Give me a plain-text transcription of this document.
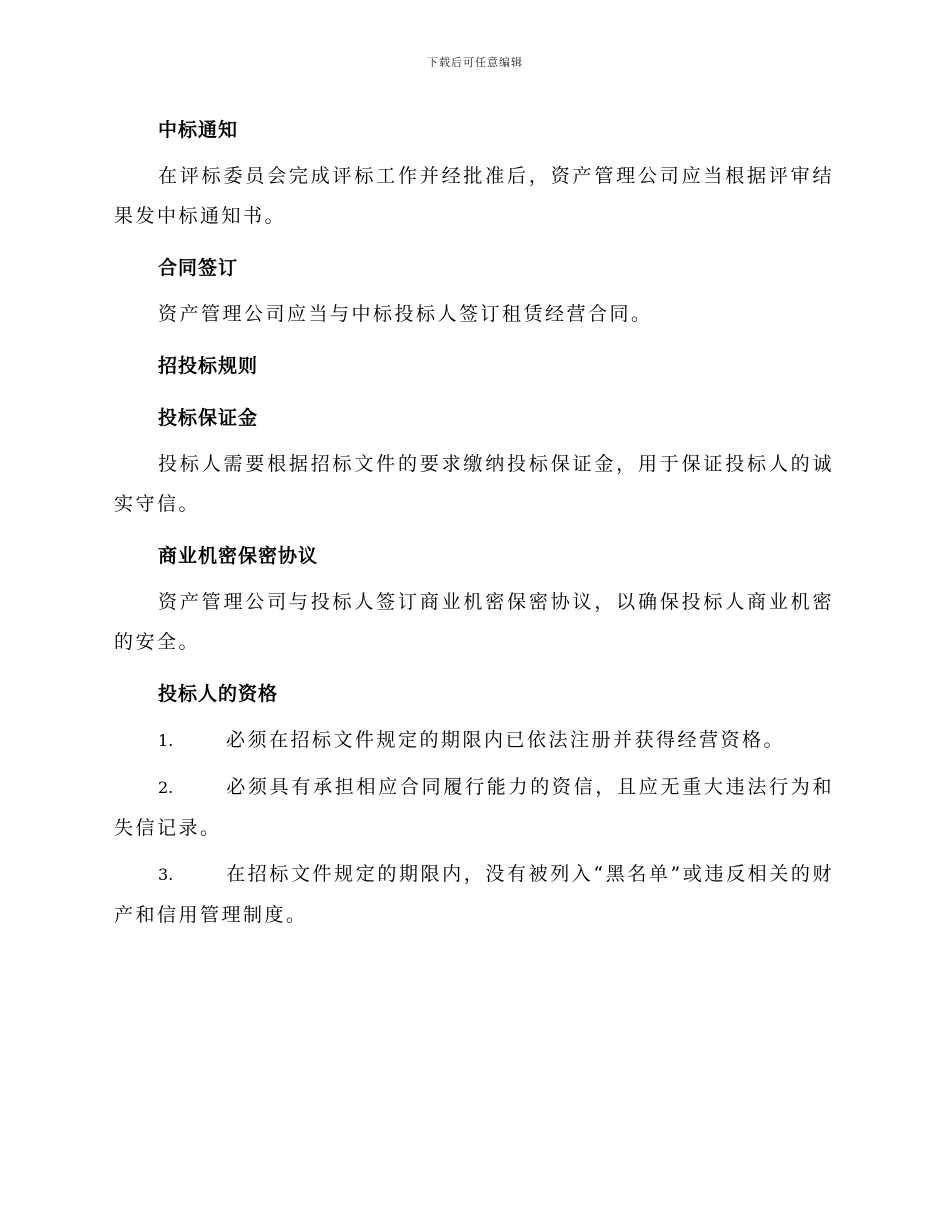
下载后可任意编辑
中标通知

在评标委员会完成评标工作并经批准后，资产管理公司应当根据评审结果发中标通知书。

合同签订

资产管理公司应当与中标投标人签订租赁经营合同。

招投标规则
投标保证金

投标人需要根据招标文件的要求缴纳投标保证金，用于保证投标人的诚实守信。

商业机密保密协议

资产管理公司与投标人签订商业机密保密协议，以确保投标人商业机密的安全。

投标人的资格

1.	必须在招标文件规定的期限内已依法注册并获得经营资格。

2.	必须具有承担相应合同履行能力的资信，且应无重大违法行为和失信记录。

3.	在招标文件规定的期限内，没有被列入“黑名单”或违反相关的财产和信用管理制度。
